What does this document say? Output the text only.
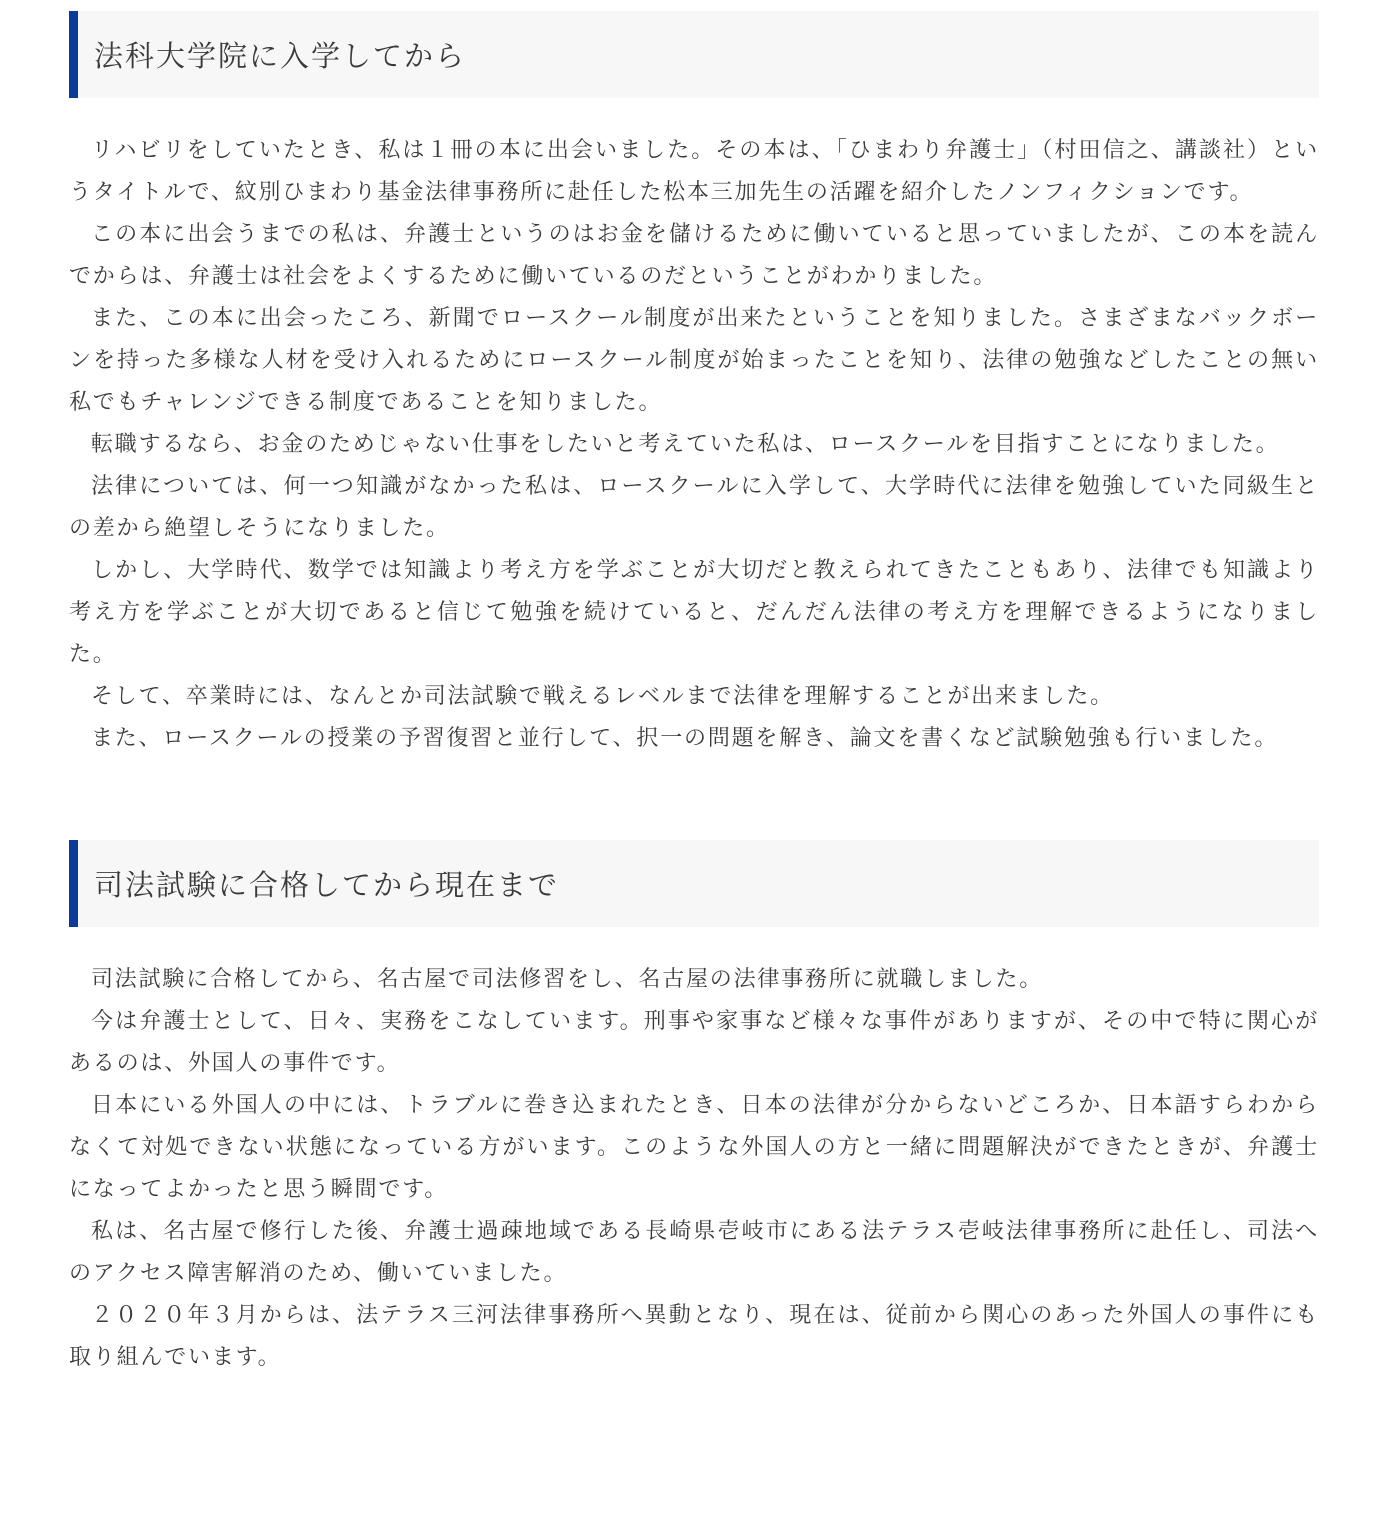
法科大学院に入学してから

リハビリをしていたとき、私は１冊の本に出会いました。その本は、「ひまわり弁護士」（村田信之、講談社）というタイトルで、紋別ひまわり基金法律事務所に赴任した松本三加先生の活躍を紹介したノンフィクションです。

この本に出会うまでの私は、弁護士というのはお金を儲けるために働いていると思っていましたが、この本を読んでからは、弁護士は社会をよくするために働いているのだということがわかりました。

また、この本に出会ったころ、新聞でロースクール制度が出来たということを知りました。さまざまなバックボーンを持った多様な人材を受け入れるためにロースクール制度が始まったことを知り、法律の勉強などしたことの無い私でもチャレンジできる制度であることを知りました。

転職するなら、お金のためじゃない仕事をしたいと考えていた私は、ロースクールを目指すことになりました。

法律については、何一つ知識がなかった私は、ロースクールに入学して、大学時代に法律を勉強していた同級生との差から絶望しそうになりました。

しかし、大学時代、数学では知識より考え方を学ぶことが大切だと教えられてきたこともあり、法律でも知識より考え方を学ぶことが大切であると信じて勉強を続けていると、だんだん法律の考え方を理解できるようになりました。

そして、卒業時には、なんとか司法試験で戦えるレベルまで法律を理解することが出来ました。

また、ロースクールの授業の予習復習と並行して、択一の問題を解き、論文を書くなど試験勉強も行いました。

司法試験に合格してから現在まで

司法試験に合格してから、名古屋で司法修習をし、名古屋の法律事務所に就職しました。

今は弁護士として、日々、実務をこなしています。刑事や家事など様々な事件がありますが、その中で特に関心があるのは、外国人の事件です。

日本にいる外国人の中には、トラブルに巻き込まれたとき、日本の法律が分からないどころか、日本語すらわからなくて対処できない状態になっている方がいます。このような外国人の方と一緒に問題解決ができたときが、弁護士になってよかったと思う瞬間です。

私は、名古屋で修行した後、弁護士過疎地域である長崎県壱岐市にある法テラス壱岐法律事務所に赴任し、司法へのアクセス障害解消のため、働いていました。

２０２０年３月からは、法テラス三河法律事務所へ異動となり、現在は、従前から関心のあった外国人の事件にも取り組んでいます。
